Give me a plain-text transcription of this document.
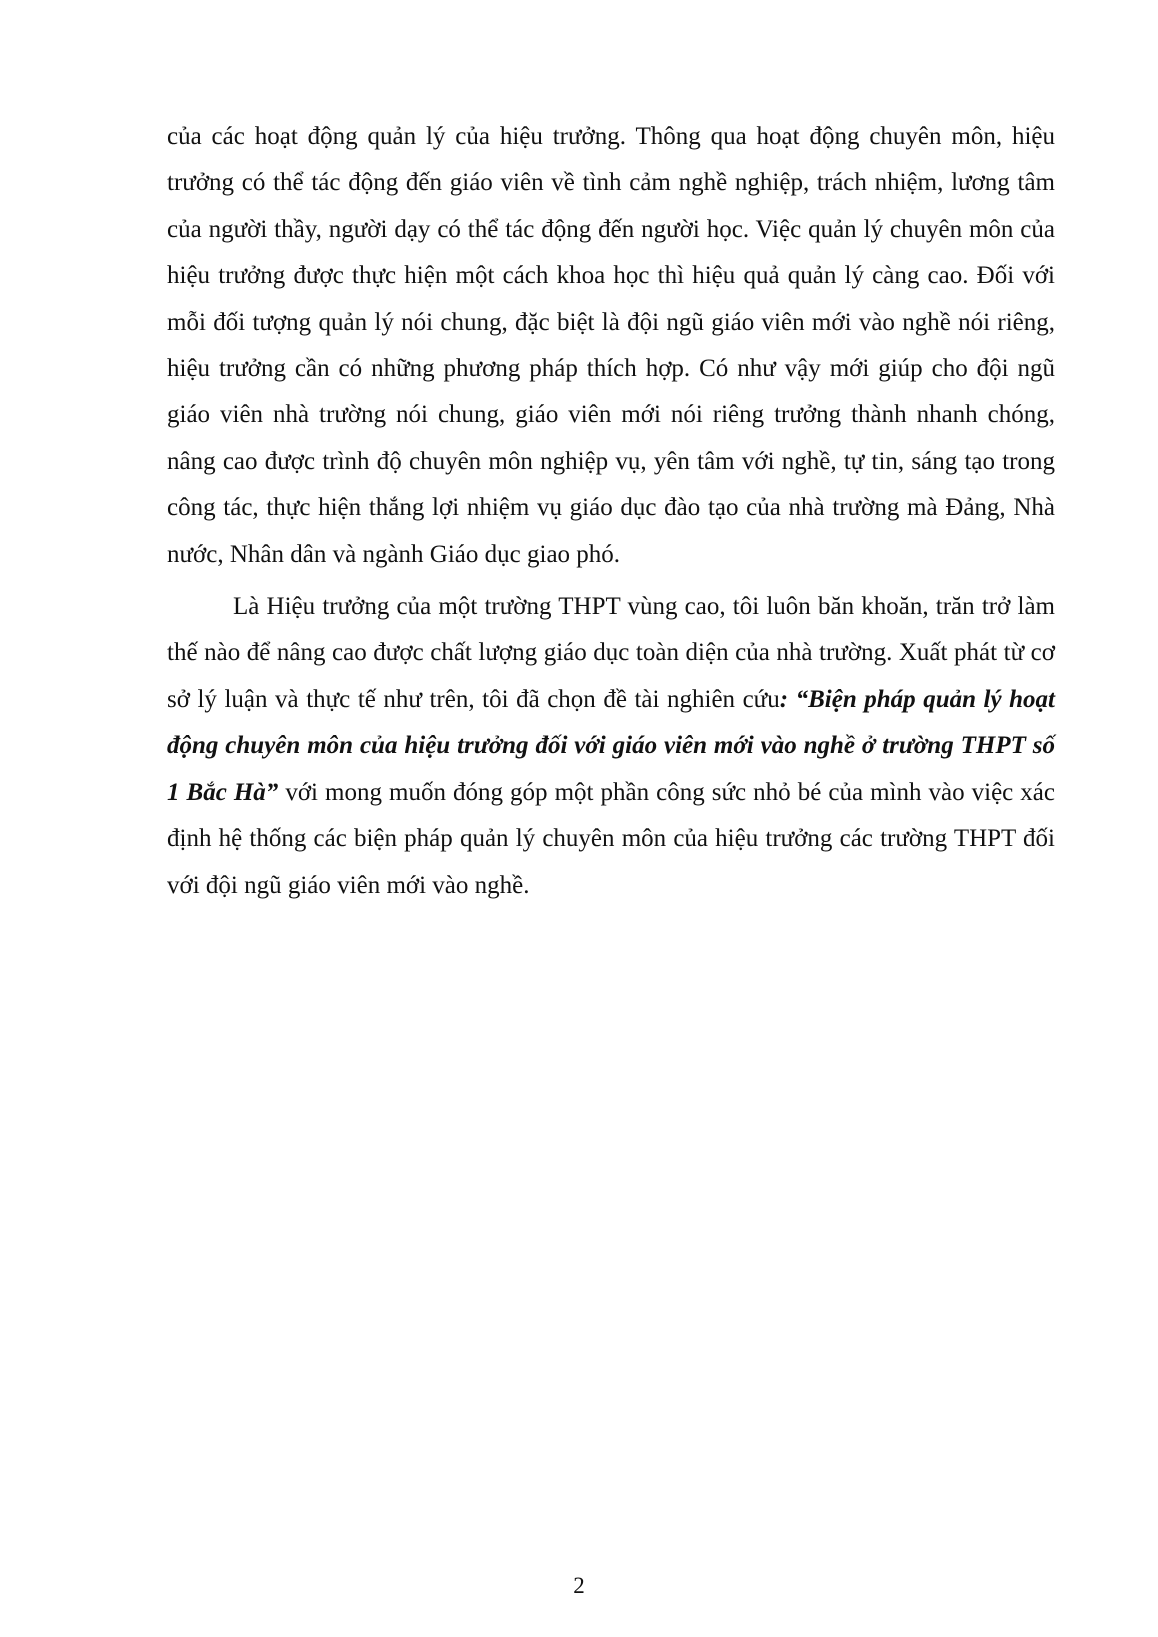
của các hoạt động quản lý của hiệu trưởng. Thông qua hoạt động chuyên môn, hiệu trưởng có thể tác động đến giáo viên về tình cảm nghề nghiệp, trách nhiệm, lương tâm của người thầy, người dạy có thể tác động đến người học. Việc quản lý chuyên môn của hiệu trưởng được thực hiện một cách khoa học thì hiệu quả quản lý càng cao. Đối với mỗi đối tượng quản lý nói chung, đặc biệt là đội ngũ giáo viên mới vào nghề nói riêng, hiệu trưởng cần có những phương pháp thích hợp. Có như vậy mới giúp cho đội ngũ giáo viên nhà trường nói chung, giáo viên mới nói riêng trưởng thành nhanh chóng, nâng cao được trình độ chuyên môn nghiệp vụ, yên tâm với nghề, tự tin, sáng tạo trong công tác, thực hiện thắng lợi nhiệm vụ giáo dục đào tạo của nhà trường mà Đảng, Nhà nước, Nhân dân và ngành Giáo dục giao phó.

Là Hiệu trưởng của một trường THPT vùng cao, tôi luôn băn khoăn, trăn trở làm thế nào để nâng cao được chất lượng giáo dục toàn diện của nhà trường. Xuất phát từ cơ sở lý luận và thực tế như trên, tôi đã chọn đề tài nghiên cứu: “Biện pháp quản lý hoạt động chuyên môn của hiệu trưởng đối với giáo viên mới vào nghề ở trường THPT số 1 Bắc Hà” với mong muốn đóng góp một phần công sức nhỏ bé của mình vào việc xác định hệ thống các biện pháp quản lý chuyên môn của hiệu trưởng các trường THPT đối với đội ngũ giáo viên mới vào nghề.

2
